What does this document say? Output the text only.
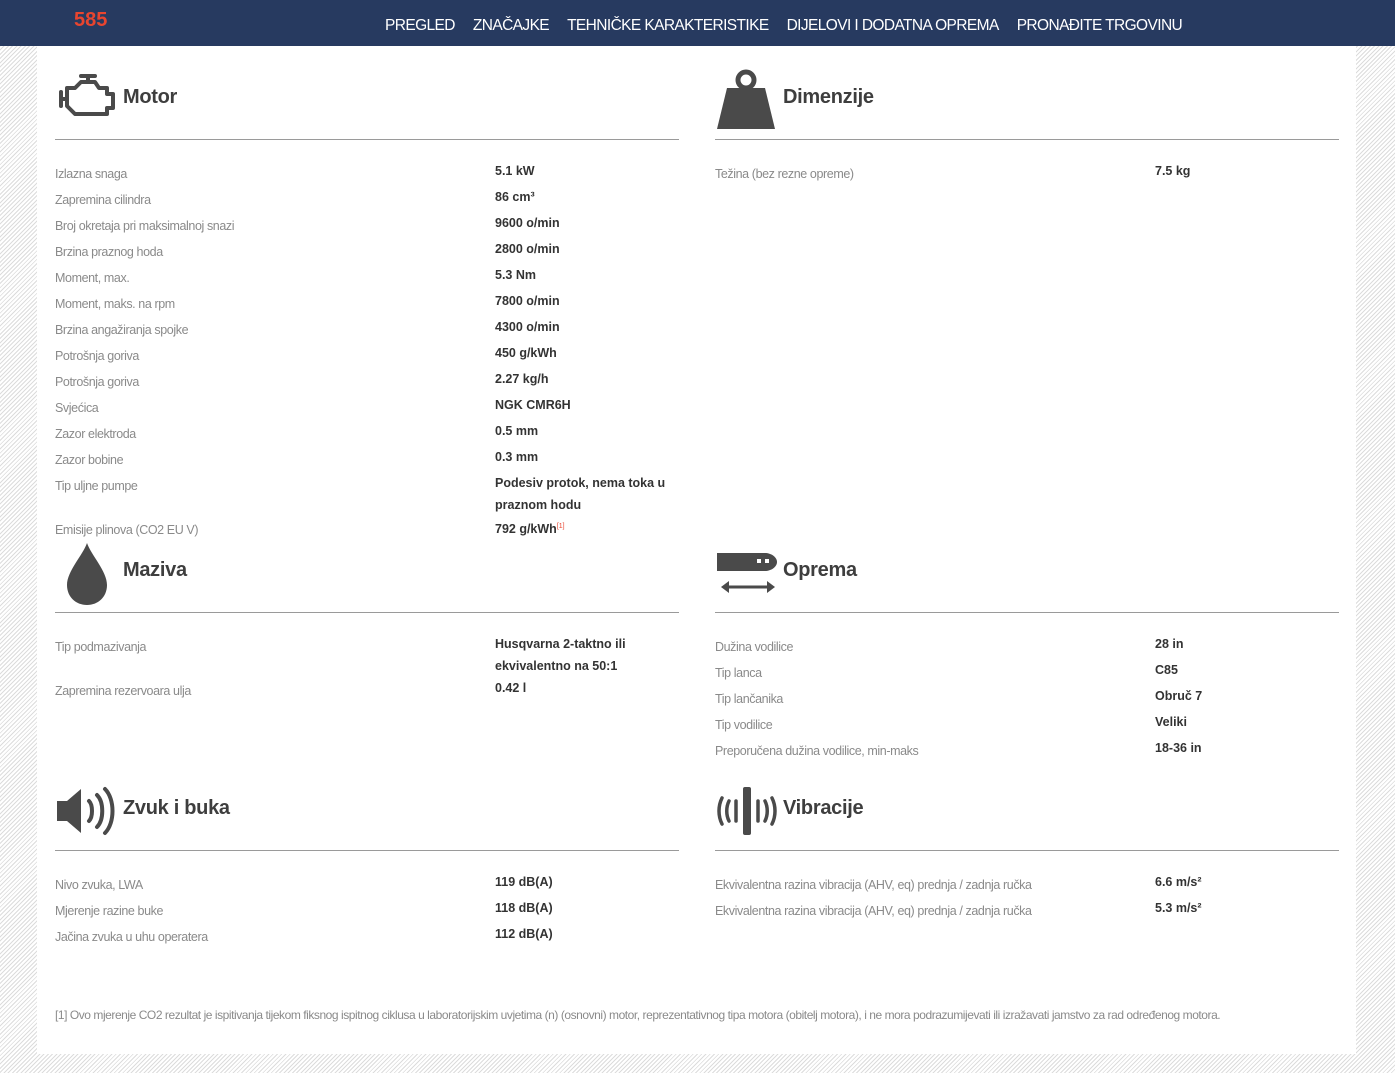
585	PREGLED ZNAČAJKE TEHNIČKE KARAKTERISTIKE DIJELOVI I DODATNA OPREMA PRONAĐITE TRGOVINU
Motor
Izlazna snaga	5.1 kW
Zapremina cilindra	86 cm³
Broj okretaja pri maksimalnoj snazi	9600 o/min
Brzina praznog hoda	2800 o/min
Moment, max.	5.3 Nm
Moment, maks. na rpm	7800 o/min
Brzina angažiranja spojke	4300 o/min
Potrošnja goriva	450 g/kWh
Potrošnja goriva	2.27 kg/h
Svjećica	NGK CMR6H
Zazor elektroda	0.5 mm
Zazor bobine	0.3 mm
Tip uljne pumpe	Podesiv protok, nema toka u praznom hodu
Emisije plinova (CO2 EU V)	792 g/kWh[1]
Dimenzije
Težina (bez rezne opreme)	7.5 kg
Maziva
Tip podmazivanja	Husqvarna 2-taktno ili ekvivalentno na 50:1
Zapremina rezervoara ulja	0.42 l
Oprema
Dužina vodilice	28 in
Tip lanca	C85
Tip lančanika	Obruč 7
Tip vodilice	Veliki
Preporučena dužina vodilice, min-maks	18-36 in
Zvuk i buka
Nivo zvuka, LWA	119 dB(A)
Mjerenje razine buke	118 dB(A)
Jačina zvuka u uhu operatera	112 dB(A)
Vibracije
Ekvivalentna razina vibracija (AHV, eq) prednja / zadnja ručka	6.6 m/s²
Ekvivalentna razina vibracija (AHV, eq) prednja / zadnja ručka	5.3 m/s²
[1] Ovo mjerenje CO2 rezultat je ispitivanja tijekom fiksnog ispitnog ciklusa u laboratorijskim uvjetima (n) (osnovni) motor, reprezentativnog tipa motora (obitelj motora), i ne mora podrazumijevati ili izražavati jamstvo za rad određenog motora.
